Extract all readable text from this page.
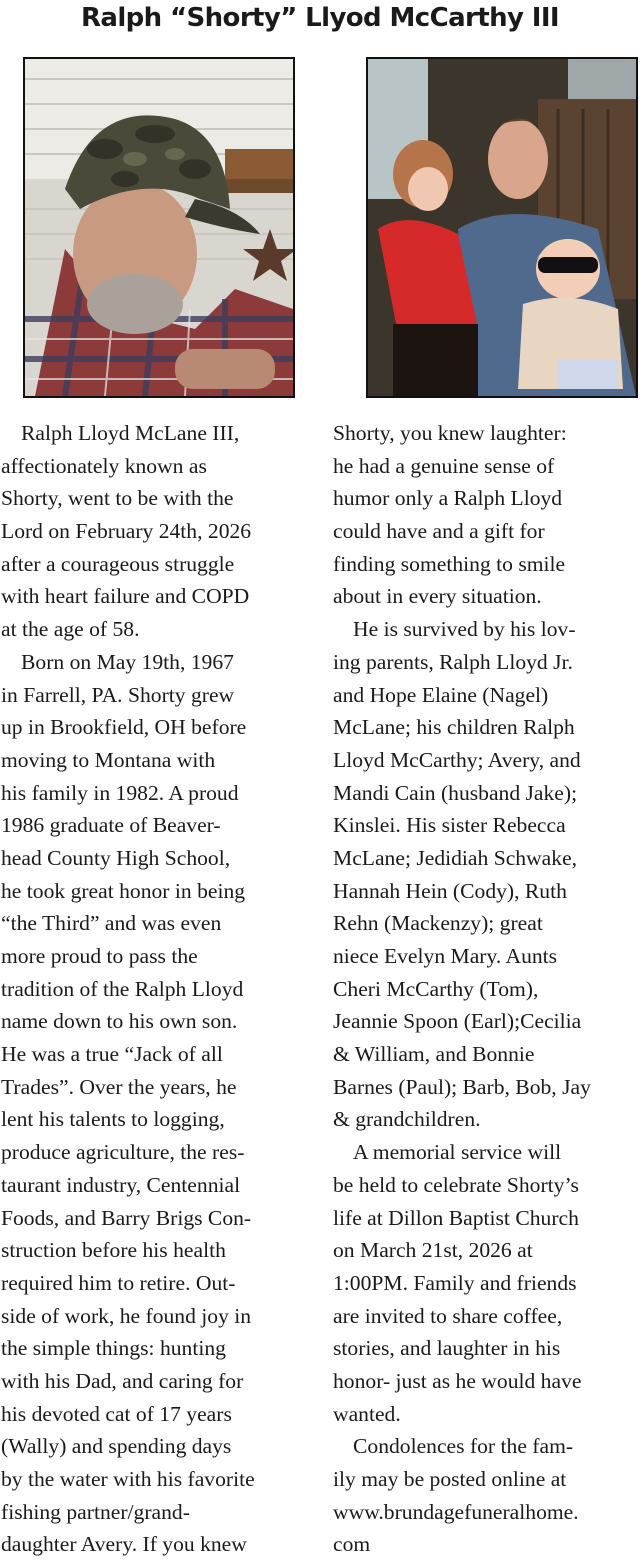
Ralph “Shorty” Llyod McCarthy III
Ralph Lloyd McLane III,
affectionately known as
Shorty, went to be with the
Lord on February 24th, 2026
after a courageous struggle
with heart failure and COPD
at the age of 58.
Born on May 19th, 1967
in Farrell, PA. Shorty grew
up in Brookfield, OH before
moving to Montana with
his family in 1982. A proud
1986 graduate of Beaver-
head County High School,
he took great honor in being
“the Third” and was even
more proud to pass the
tradition of the Ralph Lloyd
name down to his own son.
He was a true “Jack of all
Trades”. Over the years, he
lent his talents to logging,
produce agriculture, the res-
taurant industry, Centennial
Foods, and Barry Brigs Con-
struction before his health
required him to retire. Out-
side of work, he found joy in
the simple things: hunting
with his Dad, and caring for
his devoted cat of 17 years
(Wally) and spending days
by the water with his favorite
fishing partner/grand-
daughter Avery. If you knew
Shorty, you knew laughter:
he had a genuine sense of
humor only a Ralph Lloyd
could have and a gift for
finding something to smile
about in every situation.
He is survived by his lov-
ing parents, Ralph Lloyd Jr.
and Hope Elaine (Nagel)
McLane; his children Ralph
Lloyd McCarthy; Avery, and
Mandi Cain (husband Jake);
Kinslei. His sister Rebecca
McLane; Jedidiah Schwake,
Hannah Hein (Cody), Ruth
Rehn (Mackenzy); great
niece Evelyn Mary. Aunts
Cheri McCarthy (Tom),
Jeannie Spoon (Earl);Cecilia
& William, and Bonnie
Barnes (Paul); Barb, Bob, Jay
& grandchildren.
A memorial service will
be held to celebrate Shorty’s
life at Dillon Baptist Church
on March 21st, 2026 at
1:00PM. Family and friends
are invited to share coffee,
stories, and laughter in his
honor- just as he would have
wanted.
Condolences for the fam-
ily may be posted online at
www.brundagefuneralhome.
com
